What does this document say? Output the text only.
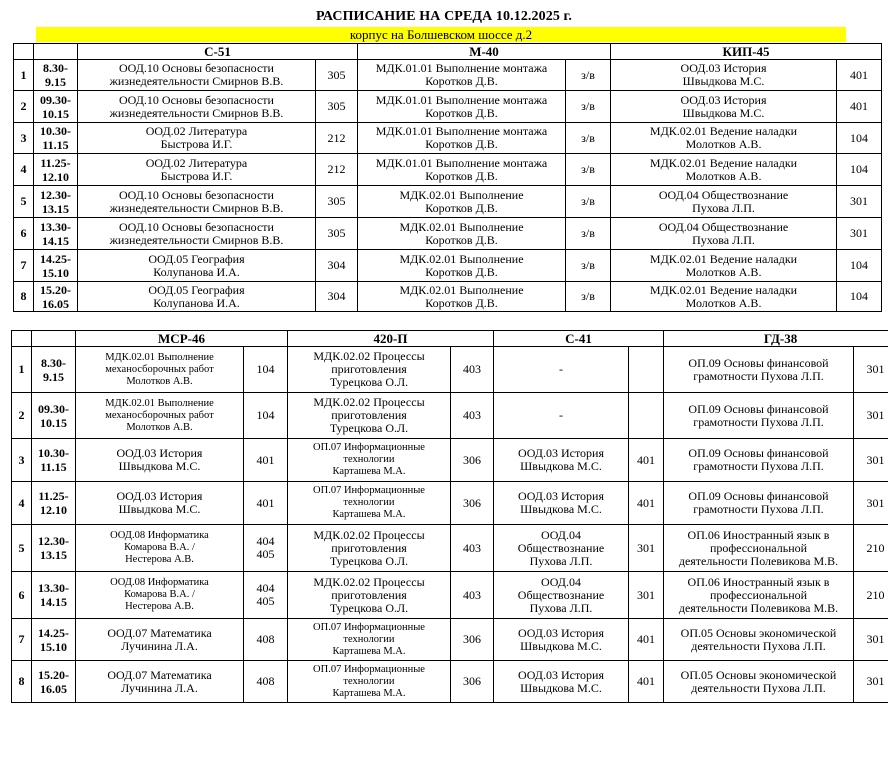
РАСПИСАНИЕ НА СРЕДА 10.12.2025 г.
корпус на Болшевском шоссе д.2
		С-51		М-40		КИП-45	
1	8.30-
9.15	ООД.10 Основы безопасности
жизнедеятельности Смирнов В.В.	305	МДК.01.01 Выполнение монтажа
Коротков Д.В.	з/в	ООД.03 История
Швыдкова М.С.	401

2	09.30-
10.15	ООД.10 Основы безопасности
жизнедеятельности Смирнов В.В.	305	МДК.01.01 Выполнение монтажа
Коротков Д.В.	з/в	ООД.03 История
Швыдкова М.С.	401

3	10.30-
11.15	ООД.02 Литература
Быстрова И.Г.	212	МДК.01.01 Выполнение монтажа
Коротков Д.В.	з/в	МДК.02.01 Ведение наладки
Молотков А.В.	104

4	11.25-
12.10	ООД.02 Литература
Быстрова И.Г.	212	МДК.01.01 Выполнение монтажа
Коротков Д.В.	з/в	МДК.02.01 Ведение наладки
Молотков А.В.	104

5	12.30-
13.15	ООД.10 Основы безопасности
жизнедеятельности Смирнов В.В.	305	МДК.02.01 Выполнение
Коротков Д.В.	з/в	ООД.04 Обществознание
Пухова Л.П.	301

6	13.30-
14.15	ООД.10 Основы безопасности
жизнедеятельности Смирнов В.В.	305	МДК.02.01 Выполнение
Коротков Д.В.	з/в	ООД.04 Обществознание
Пухова Л.П.	301

7	14.25-
15.10	ООД.05 География
Колупанова И.А.	304	МДК.02.01 Выполнение
Коротков Д.В.	з/в	МДК.02.01 Ведение наладки
Молотков А.В.	104

8	15.20-
16.05	ООД.05 География
Колупанова И.А.	304	МДК.02.01 Выполнение
Коротков Д.В.	з/в	МДК.02.01 Ведение наладки
Молотков А.В.	104
		МСР-46		420-П		С-41		ГД-38	
1	8.30-
9.15	МДК.02.01 Выполнение
механосборочных работ
Молотков А.В.	104	МДК.02.02 Процессы
приготовления
Турецкова О.Л.	403	-		ОП.09 Основы финансовой
грамотности Пухова Л.П.	301

2	09.30-
10.15	МДК.02.01 Выполнение
механосборочных работ
Молотков А.В.	104	МДК.02.02 Процессы
приготовления
Турецкова О.Л.	403	-		ОП.09 Основы финансовой
грамотности Пухова Л.П.	301

3	10.30-
11.15	ООД.03 История
Швыдкова М.С.	401	ОП.07 Информационные
технологии
Карташева М.А.	306	ООД.03 История
Швыдкова М.С.	401	ОП.09 Основы финансовой
грамотности Пухова Л.П.	301

4	11.25-
12.10	ООД.03 История
Швыдкова М.С.	401	ОП.07 Информационные
технологии
Карташева М.А.	306	ООД.03 История
Швыдкова М.С.	401	ОП.09 Основы финансовой
грамотности Пухова Л.П.	301

5	12.30-
13.15	ООД.08 Информатика
Комарова В.А. /
Нестерова А.В.	404
405	МДК.02.02 Процессы
приготовления
Турецкова О.Л.	403	ООД.04
Обществознание
Пухова Л.П.	301	ОП.06 Иностранный язык в
профессиональной
деятельности Полевикова М.В.	210

6	13.30-
14.15	ООД.08 Информатика
Комарова В.А. /
Нестерова А.В.	404
405	МДК.02.02 Процессы
приготовления
Турецкова О.Л.	403	ООД.04
Обществознание
Пухова Л.П.	301	ОП.06 Иностранный язык в
профессиональной
деятельности Полевикова М.В.	210

7	14.25-
15.10	ООД.07 Математика
Лучинина Л.А.	408	ОП.07 Информационные
технологии
Карташева М.А.	306	ООД.03 История
Швыдкова М.С.	401	ОП.05 Основы экономической
деятельности Пухова Л.П.	301

8	15.20-
16.05	ООД.07 Математика
Лучинина Л.А.	408	ОП.07 Информационные
технологии
Карташева М.А.	306	ООД.03 История
Швыдкова М.С.	401	ОП.05 Основы экономической
деятельности Пухова Л.П.	301
